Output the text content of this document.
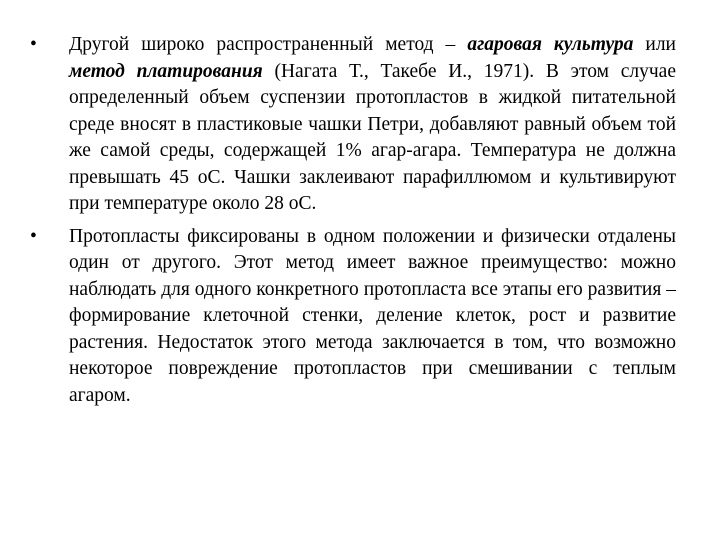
•	Другой широко распространенный метод – агаровая культура или метод платирования (Нагата Т., Такебе И., 1971). В этом случае определенный объем суспензии протопластов в жидкой питательной среде вносят в пластиковые чашки Петри, добавляют равный объем той же самой среды, содержащей 1% агар-агара. Температура не должна превышать 45 оС. Чашки заклеивают парафиллюмом и культивируют при температуре около 28 оС.
•	Протопласты фиксированы в одном положении и физически отдалены один от другого. Этот метод имеет важное преимущество: можно наблюдать для одного конкретного протопласта все этапы его развития – формирование клеточной стенки, деление клеток, рост и развитие растения. Недостаток этого метода заключается в том, что возможно некоторое повреждение протопластов при смешивании с теплым агаром.
